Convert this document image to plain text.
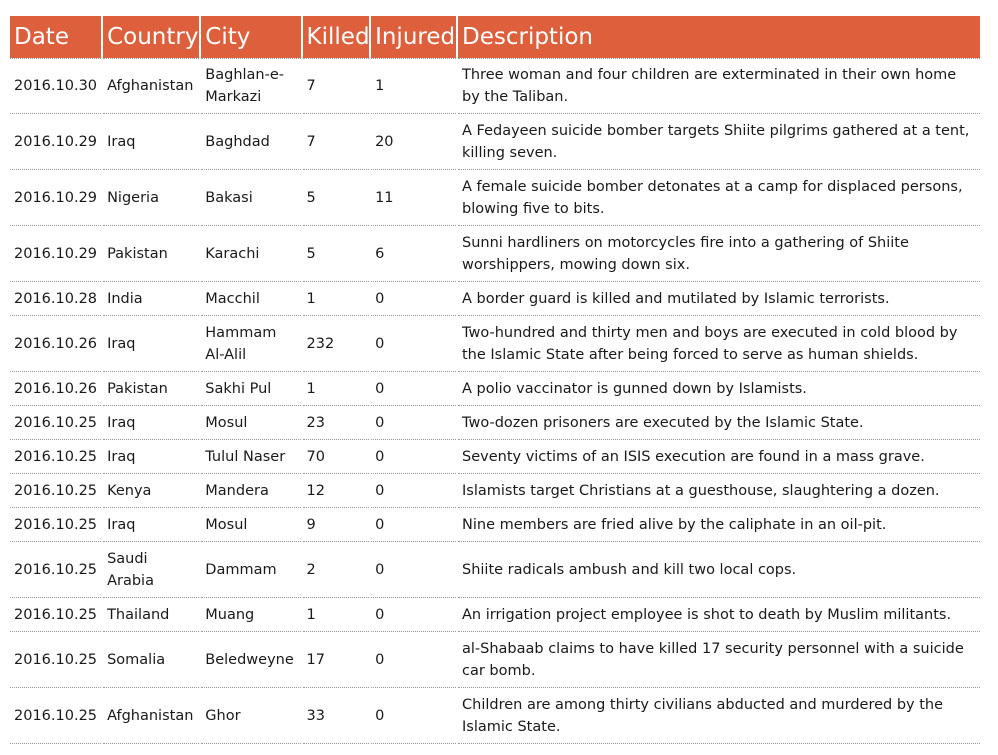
Date	Country	City	Killed	Injured	Description
2016.10.30	Afghanistan	Baghlan-e-Markazi	7	1	Three woman and four children are exterminated in their own home by the Taliban.
2016.10.29	Iraq	Baghdad	7	20	A Fedayeen suicide bomber targets Shiite pilgrims gathered at a tent, killing seven.
2016.10.29	Nigeria	Bakasi	5	11	A female suicide bomber detonates at a camp for displaced persons, blowing five to bits.
2016.10.29	Pakistan	Karachi	5	6	Sunni hardliners on motorcycles fire into a gathering of Shiite worshippers, mowing down six.
2016.10.28	India	Macchil	1	0	A border guard is killed and mutilated by Islamic terrorists.
2016.10.26	Iraq	Hammam Al-Alil	232	0	Two-hundred and thirty men and boys are executed in cold blood by the Islamic State after being forced to serve as human shields.
2016.10.26	Pakistan	Sakhi Pul	1	0	A polio vaccinator is gunned down by Islamists.
2016.10.25	Iraq	Mosul	23	0	Two-dozen prisoners are executed by the Islamic State.
2016.10.25	Iraq	Tulul Naser	70	0	Seventy victims of an ISIS execution are found in a mass grave.
2016.10.25	Kenya	Mandera	12	0	Islamists target Christians at a guesthouse, slaughtering a dozen.
2016.10.25	Iraq	Mosul	9	0	Nine members are fried alive by the caliphate in an oil-pit.
2016.10.25	Saudi Arabia	Dammam	2	0	Shiite radicals ambush and kill two local cops.
2016.10.25	Thailand	Muang	1	0	An irrigation project employee is shot to death by Muslim militants.
2016.10.25	Somalia	Beledweyne	17	0	al-Shabaab claims to have killed 17 security personnel with a suicide car bomb.
2016.10.25	Afghanistan	Ghor	33	0	Children are among thirty civilians abducted and murdered by the Islamic State.
